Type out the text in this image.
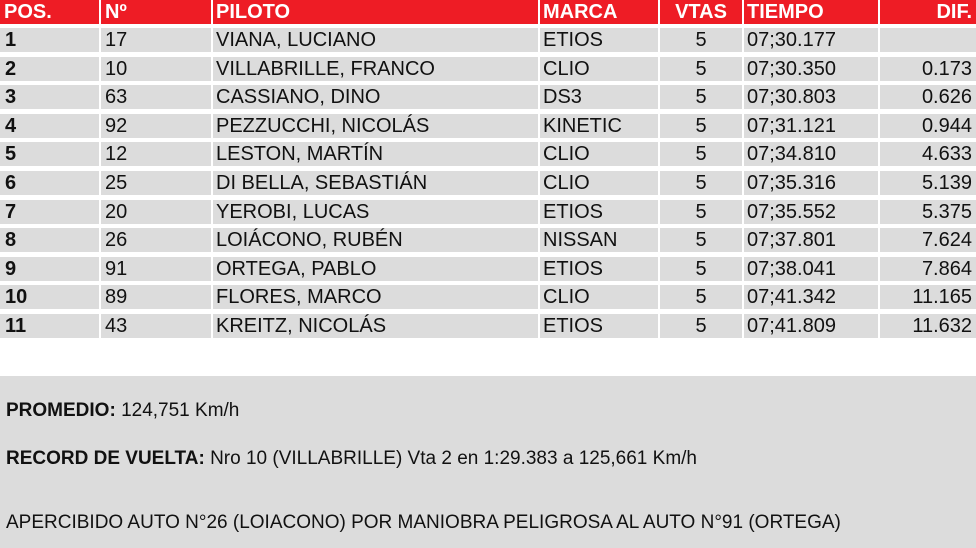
POS.	Nº	PILOTO	MARCA	VTAS	TIEMPO	DIF.
1	17	VIANA, LUCIANO	ETIOS	5	07;30.177
2	10	VILLABRILLE, FRANCO	CLIO	5	07;30.350	0.173
3	63	CASSIANO, DINO	DS3	5	07;30.803	0.626
4	92	PEZZUCCHI, NICOLÁS	KINETIC	5	07;31.121	0.944
5	12	LESTON, MARTÍN	CLIO	5	07;34.810	4.633
6	25	DI BELLA, SEBASTIÁN	CLIO	5	07;35.316	5.139
7	20	YEROBI, LUCAS	ETIOS	5	07;35.552	5.375
8	26	LOIÁCONO, RUBÉN	NISSAN	5	07;37.801	7.624
9	91	ORTEGA, PABLO	ETIOS	5	07;38.041	7.864
10	89	FLORES, MARCO	CLIO	5	07;41.342	11.165
11	43	KREITZ, NICOLÁS	ETIOS	5	07;41.809	11.632
PROMEDIO: 124,751 Km/h
RECORD DE VUELTA: Nro 10 (VILLABRILLE) Vta 2 en 1:29.383 a 125,661 Km/h
APERCIBIDO AUTO N°26 (LOIACONO) POR MANIOBRA PELIGROSA AL AUTO N°91 (ORTEGA)
